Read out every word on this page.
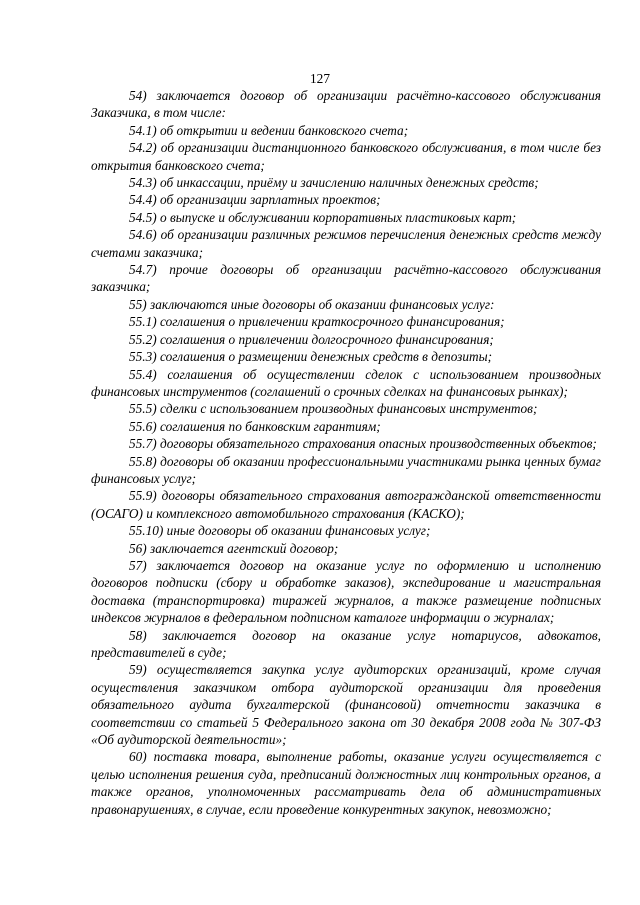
127

54) заключается договор об организации расчётно-кассового обслуживания Заказчика, в том числе:

54.1) об открытии и ведении банковского счета;

54.2) об организации дистанционного банковского обслуживания, в том числе без открытия банковского счета;

54.3) об инкассации, приёму и зачислению наличных денежных средств;

54.4) об организации зарплатных проектов;

54.5) о выпуске и обслуживании корпоративных пластиковых карт;

54.6) об организации различных режимов перечисления денежных средств между счетами заказчика;

54.7) прочие договоры об организации расчётно-кассового обслуживания заказчика;

55) заключаются иные договоры об оказании финансовых услуг:

55.1) соглашения о привлечении краткосрочного финансирования;

55.2) соглашения о привлечении долгосрочного финансирования;

55.3) соглашения о размещении денежных средств в депозиты;

55.4) соглашения об осуществлении сделок с использованием производных финансовых инструментов (соглашений о срочных сделках на финансовых рынках);

55.5) сделки с использованием производных финансовых инструментов;

55.6) соглашения по банковским гарантиям;

55.7) договоры обязательного страхования опасных производственных объектов;

55.8) договоры об оказании профессиональными участниками рынка ценных бумаг финансовых услуг;

55.9) договоры обязательного страхования автогражданской ответственности (ОСАГО) и комплексного автомобильного страхования (КАСКО);

55.10) иные договоры об оказании финансовых услуг;

56) заключается агентский договор;

57) заключается договор на оказание услуг по оформлению и исполнению договоров подписки (сбору и обработке заказов), экспедирование и магистральная доставка (транспортировка) тиражей журналов, а также размещение подписных индексов журналов в федеральном подписном каталоге информации о журналах;

58) заключается договор на оказание услуг нотариусов, адвокатов, представителей в суде;

59) осуществляется закупка услуг аудиторских организаций, кроме случая осуществления заказчиком отбора аудиторской организации для проведения обязательного аудита бухгалтерской (финансовой) отчетности заказчика в соответствии со статьей 5 Федерального закона от 30 декабря 2008 года № 307-ФЗ «Об аудиторской деятельности»;

60) поставка товара, выполнение работы, оказание услуги осуществляется с целью исполнения решения суда, предписаний должностных лиц контрольных органов, а также органов, уполномоченных рассматривать дела об административных правонарушениях, в случае, если проведение конкурентных закупок, невозможно;
